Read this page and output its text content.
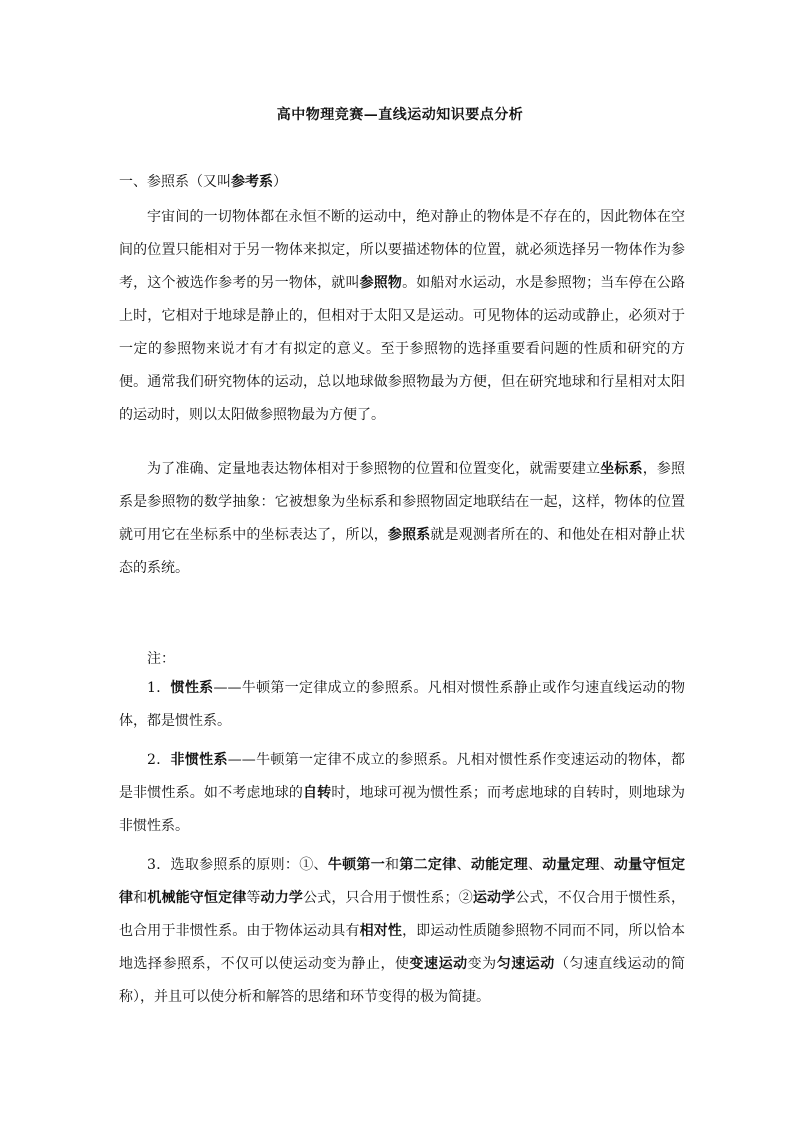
高中物理竞赛—直线运动知识要点分析
一、参照系（又叫参考系）

宇宙间的一切物体都在永恒不断的运动中，绝对静止的物体是不存在的，因此物体在空间的位置只能相对于另一物体来拟定，所以要描述物体的位置，就必须选择另一物体作为参考，这个被选作参考的另一物体，就叫参照物。如船对水运动，水是参照物；当车停在公路上时，它相对于地球是静止的，但相对于太阳又是运动。可见物体的运动或静止，必须对于一定的参照物来说才有才有拟定的意义。至于参照物的选择重要看问题的性质和研究的方便。通常我们研究物体的运动，总以地球做参照物最为方便，但在研究地球和行星相对太阳的运动时，则以太阳做参照物最为方便了。

为了准确、定量地表达物体相对于参照物的位置和位置变化，就需要建立坐标系，参照系是参照物的数学抽象：它被想象为坐标系和参照物固定地联结在一起，这样，物体的位置就可用它在坐标系中的坐标表达了，所以，参照系就是观测者所在的、和他处在相对静止状态的系统。

注：

1．惯性系——牛顿第一定律成立的参照系。凡相对惯性系静止或作匀速直线运动的物体，都是惯性系。

2．非惯性系——牛顿第一定律不成立的参照系。凡相对惯性系作变速运动的物体，都是非惯性系。如不考虑地球的自转时，地球可视为惯性系；而考虑地球的自转时，则地球为非惯性系。

3．选取参照系的原则：①、牛顿第一和第二定律、动能定理、动量定理、动量守恒定律和机械能守恒定律等动力学公式，只合用于惯性系；②运动学公式，不仅合用于惯性系，也合用于非惯性系。由于物体运动具有相对性，即运动性质随参照物不同而不同，所以恰本地选择参照系，不仅可以使运动变为静止，使变速运动变为匀速运动（匀速直线运动的简称），并且可以使分析和解答的思绪和环节变得的极为简捷。
